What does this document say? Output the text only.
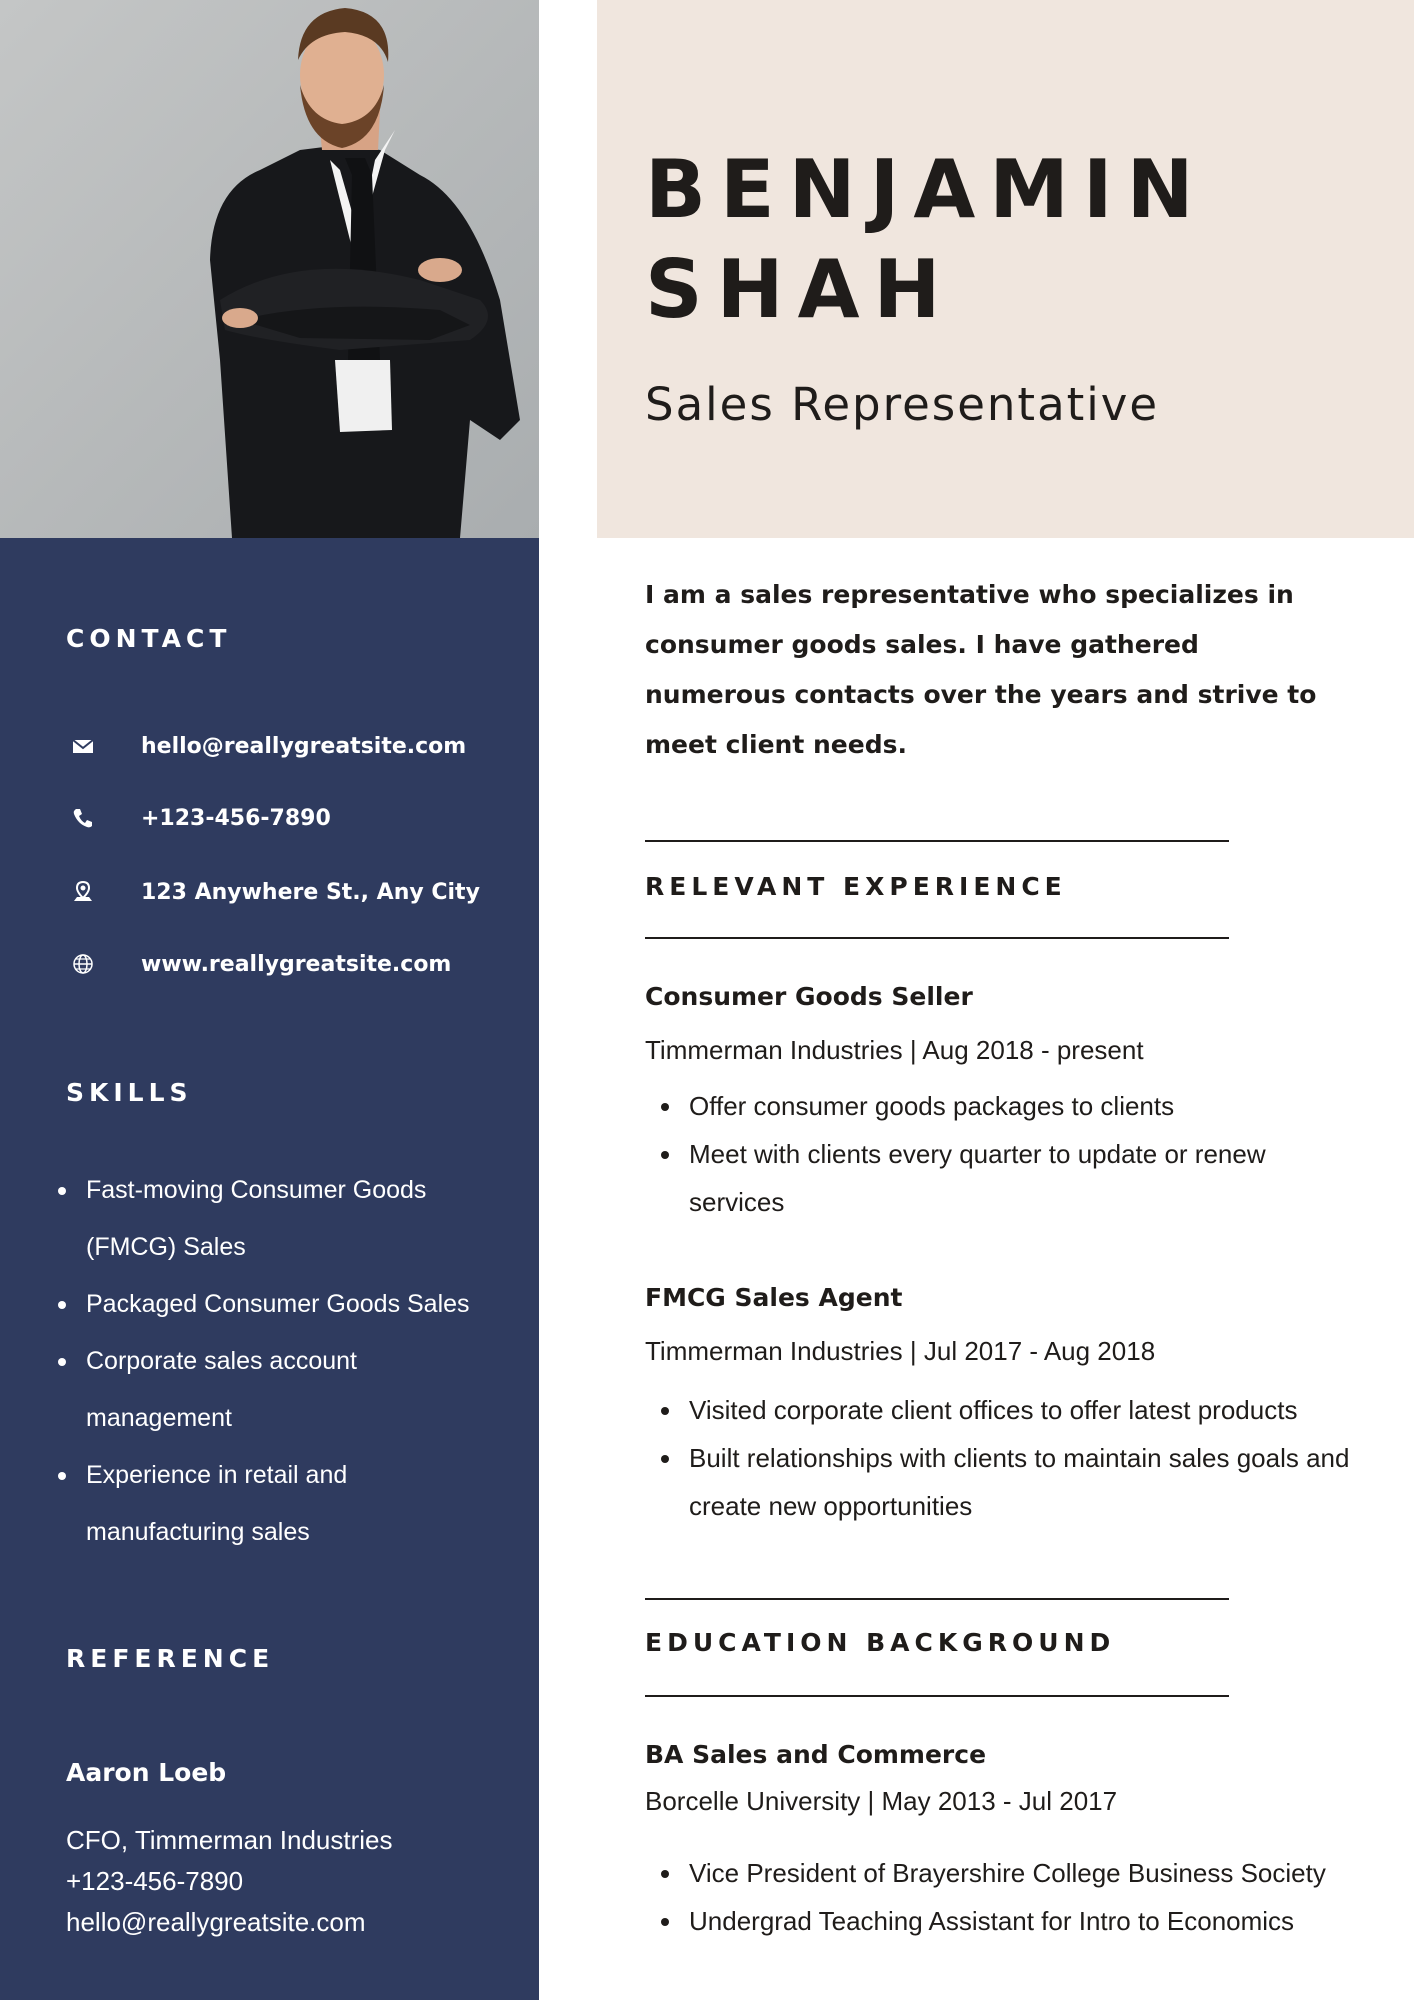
CONTACT
hello@reallygreatsite.com
+123-456-7890
123 Anywhere St., Any City
www.reallygreatsite.com
SKILLS
Fast-moving Consumer Goods (FMCG) Sales
Packaged Consumer Goods Sales
Corporate sales account management
Experience in retail and manufacturing sales
REFERENCE
Aaron Loeb
CFO, Timmerman Industries
+123-456-7890
hello@reallygreatsite.com
BENJAMIN
SHAH
Sales Representative

I am a sales representative who specializes in consumer goods sales. I have gathered numerous contacts over the years and strive to meet client needs.

RELEVANT EXPERIENCE
Consumer Goods Seller
Timmerman Industries | Aug 2018 - present
Offer consumer goods packages to clients
Meet with clients every quarter to update or renew services
FMCG Sales Agent
Timmerman Industries | Jul 2017 - Aug 2018
Visited corporate client offices to offer latest products
Built relationships with clients to maintain sales goals and create new opportunities
EDUCATION BACKGROUND
BA Sales and Commerce
Borcelle University | May 2013 - Jul 2017
Vice President of Brayershire College Business Society
Undergrad Teaching Assistant for Intro to Economics
